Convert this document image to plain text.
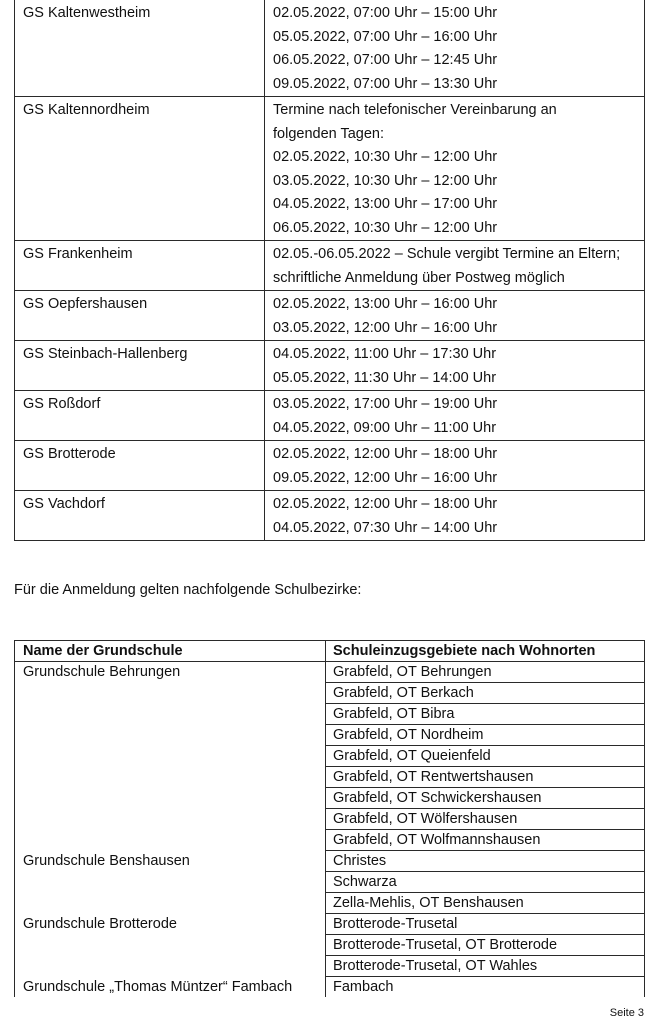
GS Kaltenwestheim	02.05.2022, 07:00 Uhr – 15:00 Uhr
05.05.2022, 07:00 Uhr – 16:00 Uhr
06.05.2022, 07:00 Uhr – 12:45 Uhr
09.05.2022, 07:00 Uhr – 13:30 Uhr
GS Kaltennordheim	Termine nach telefonischer Vereinbarung an
folgenden Tagen:
02.05.2022, 10:30 Uhr – 12:00 Uhr
03.05.2022, 10:30 Uhr – 12:00 Uhr
04.05.2022, 13:00 Uhr – 17:00 Uhr
06.05.2022, 10:30 Uhr – 12:00 Uhr
GS Frankenheim	02.05.-06.05.2022 – Schule vergibt Termine an Eltern;
schriftliche Anmeldung über Postweg möglich
GS Oepfershausen	02.05.2022, 13:00 Uhr – 16:00 Uhr
03.05.2022, 12:00 Uhr – 16:00 Uhr
GS Steinbach-Hallenberg	04.05.2022, 11:00 Uhr – 17:30 Uhr
05.05.2022, 11:30 Uhr – 14:00 Uhr
GS Roßdorf	03.05.2022, 17:00 Uhr – 19:00 Uhr
04.05.2022, 09:00 Uhr – 11:00 Uhr
GS Brotterode	02.05.2022, 12:00 Uhr – 18:00 Uhr
09.05.2022, 12:00 Uhr – 16:00 Uhr
GS Vachdorf	02.05.2022, 12:00 Uhr – 18:00 Uhr
04.05.2022, 07:30 Uhr – 14:00 Uhr
Für die Anmeldung gelten nachfolgende Schulbezirke:
Name der Grundschule	Schuleinzugsgebiete nach Wohnorten
Grundschule Behrungen	Grabfeld, OT Behrungen
Grabfeld, OT Berkach
Grabfeld, OT Bibra
Grabfeld, OT Nordheim
Grabfeld, OT Queienfeld
Grabfeld, OT Rentwertshausen
Grabfeld, OT Schwickershausen
Grabfeld, OT Wölfershausen
Grabfeld, OT Wolfmannshausen
Grundschule Benshausen	Christes
Schwarza
Zella-Mehlis, OT Benshausen
Grundschule Brotterode	Brotterode-Trusetal
Brotterode-Trusetal, OT Brotterode
Brotterode-Trusetal, OT Wahles
Grundschule „Thomas Müntzer“ Fambach	Fambach
Seite 3
